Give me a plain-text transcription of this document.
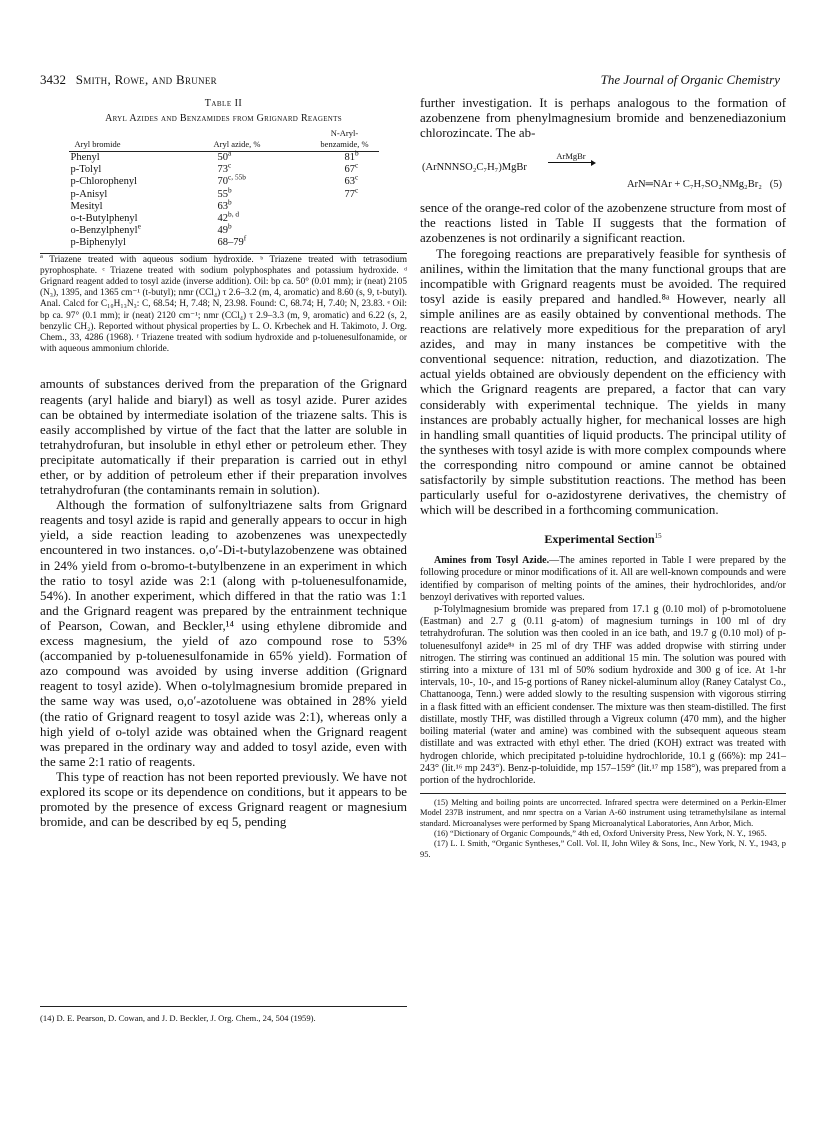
3432 Smith, Rowe, and Bruner	The Journal of Organic Chemistry
Table II
Aryl Azides and Benzamides from Grignard Reagents
Aryl bromide	Aryl azide, %	N-Aryl- benzamide, %
Phenyl	50$^a$	81$^b$
p-Tolyl	73$^c$	67$^c$
p-Chlorophenyl	$70^{c, 55b}$	63$^c$
p-Anisyl	55$^b$	77$^c$
Mesityl	63$^b$	
o-t-Butylphenyl	42$^{b, d}$	
o-Benzylphenyl$^e$	49$^b$	
p-Biphenylyl	68–79$^f$	
$^a$ Triazene treated with aqueous sodium hydroxide. ᵇ Triazene treated with tetrasodium pyrophosphate. ᶜ Triazene treated with sodium polyphosphates and potassium hydroxide. ᵈ Grignard reagent added to tosyl azide (inverse addition). Oil: bp ca. 50° (0.01 mm); ir (neat) 2105 (N₃), 1395, and 1365 cm⁻¹ (t-butyl); nmr (CCl₄) τ 2.6–3.2 (m, 4, aromatic) and 8.60 (s, 9, t-butyl). Anal. Calcd for C₁₀H₁₃N₃: C, 68.54; H, 7.48; N, 23.98. Found: C, 68.74; H, 7.40; N, 23.83. ᵉ Oil: bp ca. 97° (0.1 mm); ir (neat) 2120 cm⁻¹; nmr (CCl₄) τ 2.9–3.3 (m, 9, aromatic) and 6.22 (s, 2, benzylic CH₂). Reported without physical properties by L. O. Krbechek and H. Takimoto, J. Org. Chem., 33, 4286 (1968). ᶠ Triazene treated with sodium hydroxide and p-toluenesulfonamide, or with aqueous ammonium chloride.

amounts of substances derived from the preparation of the Grignard reagents (aryl halide and biaryl) as well as tosyl azide. Purer azides can be obtained by intermediate isolation of the triazene salts. This is easily accomplished by virtue of the fact that the latter are soluble in tetrahydrofuran, but insoluble in ethyl ether or petroleum ether. They precipitate automatically if their preparation is carried out in ethyl ether, or by addition of petroleum ether if their preparation involves tetrahydrofuran (the contaminants remain in solution).

Although the formation of sulfonyltriazene salts from Grignard reagents and tosyl azide is rapid and generally appears to occur in high yield, a side reaction leading to azobenzenes was unexpectedly encountered in two instances. o,o′-Di-t-butylazobenzene was obtained in 24% yield from o-bromo-t-butylbenzene in an experiment in which the ratio to tosyl azide was 2:1 (along with p-toluenesulfonamide, 54%). In another experiment, which differed in that the ratio was 1:1 and the Grignard reagent was prepared by the entrainment technique of Pearson, Cowan, and Beckler,¹⁴ using ethylene dibromide and excess magnesium, the yield of azo compound rose to 53% (accompanied by p-toluenesulfonamide in 65% yield). Formation of azo compound was avoided by using inverse addition (Grignard reagent to tosyl azide). When o-tolylmagnesium bromide prepared in the same way was used, o,o′-azotoluene was obtained in 28% yield (the ratio of Grignard reagent to tosyl azide was 2:1), whereas only a high yield of o-tolyl azide was obtained when the Grignard reagent was prepared in the ordinary way and added to tosyl azide, even with the same 2:1 ratio of reagents.

This type of reaction has not been reported previously. We have not explored its scope or its dependence on conditions, but it appears to be promoted by the presence of excess Grignard reagent or magnesium bromide, and can be described by eq 5, pending

(14) D. E. Pearson, D. Cowan, and J. D. Beckler, J. Org. Chem., 24, 504 (1959).

further investigation. It is perhaps analogous to the formation of azobenzene from phenylmagnesium bromide and benzenediazonium chlorozincate. The ab-

(ArNNNSO₂C₇H₇)MgBr
ArMgBr
ArN═NAr + C₇H₇SO₂NMg₂Br₂ (5)

sence of the orange-red color of the azobenzene structure from most of the reactions listed in Table II suggests that the formation of azobenzenes is not ordinarily a significant reaction.

The foregoing reactions are preparatively feasible for synthesis of anilines, within the limitation that the many functional groups that are incompatible with Grignard reagents must be avoided. The required tosyl azide is easily prepared and handled.⁸ᵃ However, nearly all simple anilines are as easily obtained by conventional methods. The reactions are relatively more expeditious for the preparation of aryl azides, and may in many instances be competitive with the conventional sequence: nitration, reduction, and diazotization. The actual yields obtained are obviously dependent on the efficiency with which the Grignard reagents are prepared, a factor that can vary considerably with experimental technique. The yields in many instances are probably actually higher, for mechanical losses are high in handling small quantities of liquid products. The principal utility of the syntheses with tosyl azide is with more complex compounds where the corresponding nitro compound or amine cannot be obtained satisfactorily by simple substitution reactions. The method has been particularly useful for o-azidostyrene derivatives, the chemistry of which will be described in a forthcoming communication.

Experimental Section$^{15}$

Amines from Tosyl Azide.—The amines reported in Table I were prepared by the following procedure or minor modifications of it. All are well-known compounds and were identified by comparison of melting points of the amines, their hydrochlorides, and/or benzoyl derivatives with reported values.

p-Tolylmagnesium bromide was prepared from 17.1 g (0.10 mol) of p-bromotoluene (Eastman) and 2.7 g (0.11 g-atom) of magnesium turnings in 100 ml of dry tetrahydrofuran. The solution was then cooled in an ice bath, and 19.7 g (0.10 mol) of p-toluenesulfonyl azide⁸ᵃ in 25 ml of dry THF was added dropwise with stirring under nitrogen. The stirring was continued an additional 15 min. The solution was poured with stirring into a mixture of 131 ml of 50% sodium hydroxide and 300 g of ice. At 1-hr intervals, 10-, 10-, and 15-g portions of Raney nickel-aluminum alloy (Raney Catalyst Co., Chattanooga, Tenn.) were added slowly to the resulting suspension with vigorous stirring in a flask fitted with an efficient condenser. The mixture was then steam-distilled. The first distillate, mostly THF, was distilled through a Vigreux column (470 mm), and the higher boiling material (water and amine) was combined with the subsequent aqueous steam distillate and was extracted with ethyl ether. The dried (KOH) extract was treated with hydrogen chloride, which precipitated p-toluidine hydrochloride, 10.1 g (66%): mp 241–243° (lit.¹⁶ mp 243°). Benz-p-toluidide, mp 157–159° (lit.¹⁷ mp 158°), was prepared from a portion of the hydrochloride.

(15) Melting and boiling points are uncorrected. Infrared spectra were determined on a Perkin-Elmer Model 237B instrument, and nmr spectra on a Varian A-60 instrument using tetramethylsilane as internal standard. Microanalyses were performed by Spang Microanalytical Laboratories, Ann Arbor, Mich.
(16) “Dictionary of Organic Compounds,” 4th ed, Oxford University Press, New York, N. Y., 1965.
(17) L. I. Smith, “Organic Syntheses,” Coll. Vol. II, John Wiley & Sons, Inc., New York, N. Y., 1943, p 95.
